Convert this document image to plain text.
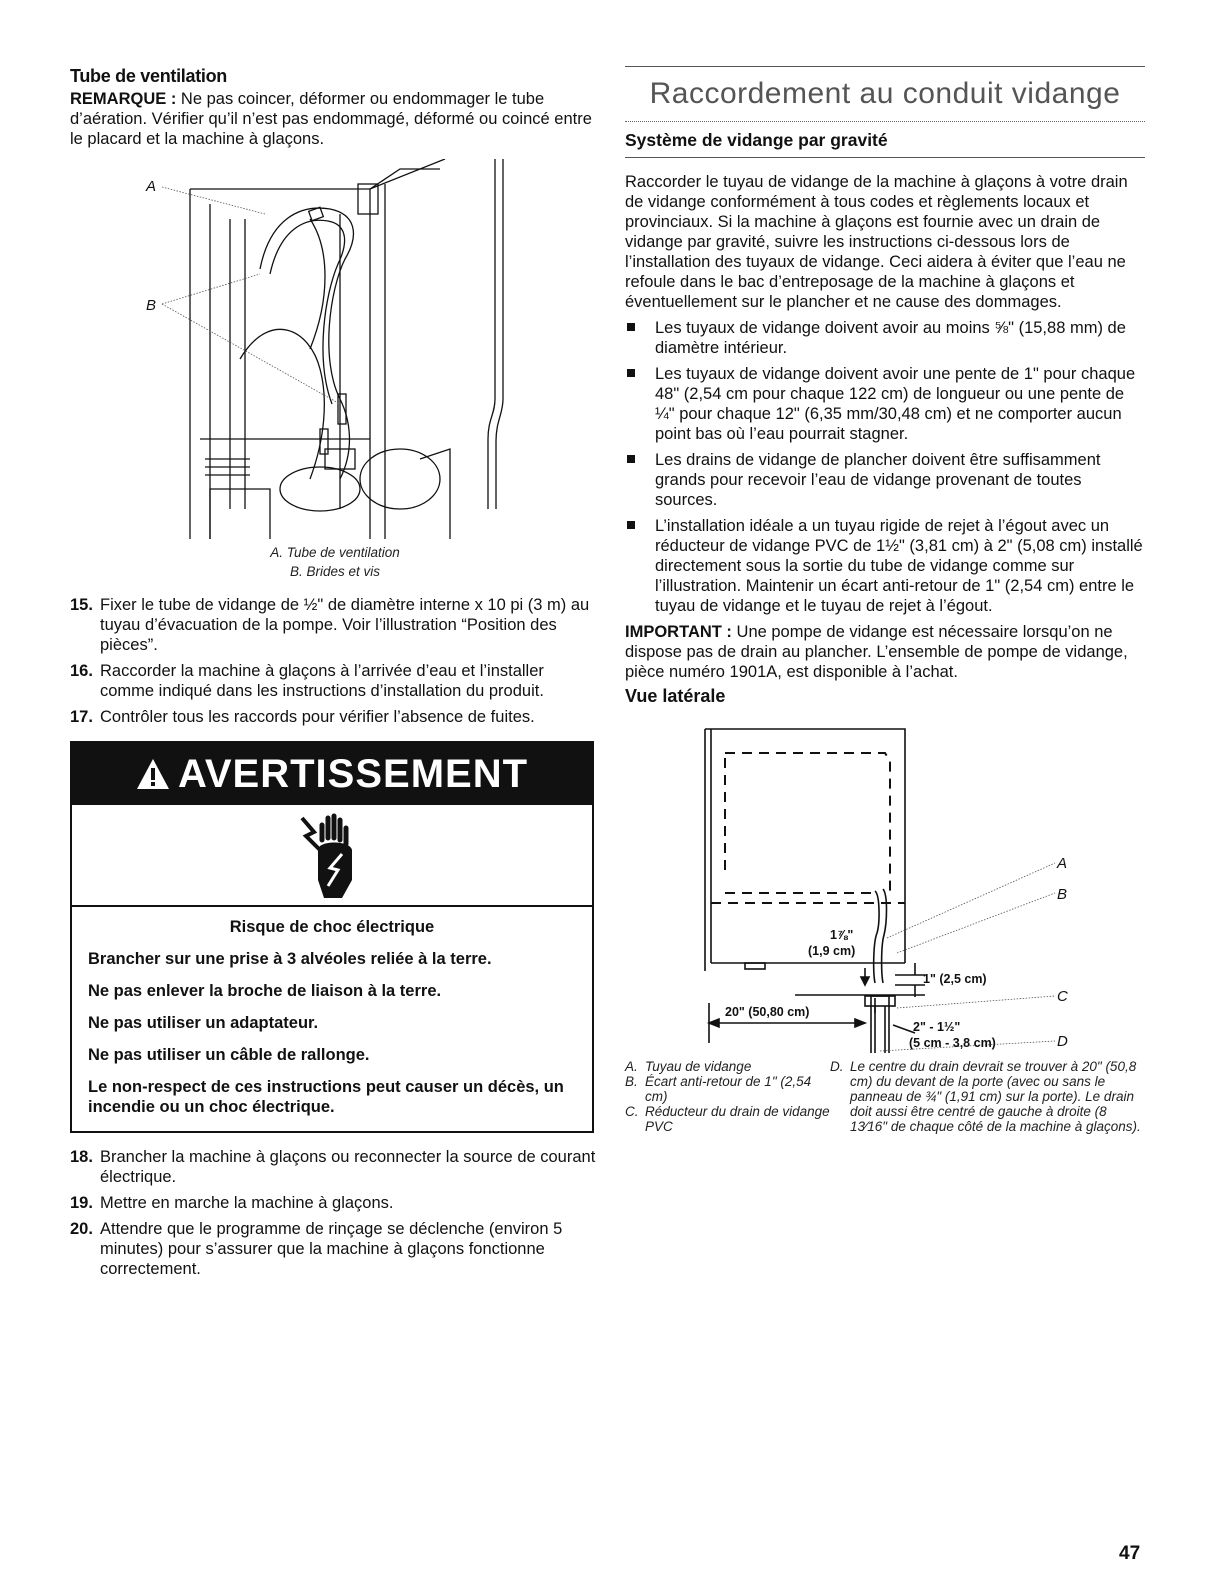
Tube de ventilation

REMARQUE : Ne pas coincer, déformer ou endommager le tube d’aération. Vérifier qu’il n’est pas endommagé, déformé ou coincé entre le placard et la machine à glaçons.

A
B
A. Tube de ventilation
B. Brides et vis
15. Fixer le tube de vidange de ½" de diamètre interne x 10 pi (3 m) au tuyau d’évacuation de la pompe. Voir l’illustration “Position des pièces”.
16. Raccorder la machine à glaçons à l’arrivée d’eau et l’installer comme indiqué dans les instructions d’installation du produit.
17. Contrôler tous les raccords pour vérifier l’absence de fuites.
AVERTISSEMENT
Risque de choc électrique
Brancher sur une prise à 3 alvéoles reliée à la terre.
Ne pas enlever la broche de liaison à la terre.
Ne pas utiliser un adaptateur.
Ne pas utiliser un câble de rallonge.
Le non-respect de ces instructions peut causer un décès, un incendie ou un choc électrique.
18. Brancher la machine à glaçons ou reconnecter la source de courant électrique.
19. Mettre en marche la machine à glaçons.
20. Attendre que le programme de rinçage se déclenche (environ 5 minutes) pour s’assurer que la machine à glaçons fonctionne correctement.
Raccordement au conduit vidange
Système de vidange par gravité

Raccorder le tuyau de vidange de la machine à glaçons à votre drain de vidange conformément à tous codes et règlements locaux et provinciaux. Si la machine à glaçons est fournie avec un drain de vidange par gravité, suivre les instructions ci-dessous lors de l’installation des tuyaux de vidange. Ceci aidera à éviter que l’eau ne refoule dans le bac d’entreposage de la machine à glaçons et éventuellement sur le plancher et ne cause des dommages.

Les tuyaux de vidange doivent avoir au moins ⅝" (15,88 mm) de diamètre intérieur.
Les tuyaux de vidange doivent avoir une pente de 1" pour chaque 48" (2,54 cm pour chaque 122 cm) de longueur ou une pente de ¼" pour chaque 12" (6,35 mm/30,48 cm) et ne comporter aucun point bas où l’eau pourrait stagner.
Les drains de vidange de plancher doivent être suffisamment grands pour recevoir l’eau de vidange provenant de toutes sources.
L’installation idéale a un tuyau rigide de rejet à l’égout avec un réducteur de vidange PVC de 1½" (3,81 cm) à 2" (5,08 cm) installé directement sous la sortie du tube de vidange comme sur l’illustration. Maintenir un écart anti-retour de 1" (2,54 cm) entre le tuyau de vidange et le tuyau de rejet à l’égout.

IMPORTANT : Une pompe de vidange est nécessaire lorsqu’on ne dispose pas de drain au plancher. L’ensemble de pompe de vidange, pièce numéro 1901A, est disponible à l’achat.

Vue latérale
1⅞"
(1,9 cm)
1" (2,5 cm)
20" (50,80 cm)
2" - 1½"
(5 cm - 3,8 cm)
A
B
C
D
A. Tuyau de vidange
B. Écart anti-retour de 1" (2,54 cm)
C. Réducteur du drain de vidange PVC
D. Le centre du drain devrait se trouver à 20" (50,8 cm) du devant de la porte (avec ou sans le panneau de ¾" (1,91 cm) sur la porte). Le drain doit aussi être centré de gauche à droite (8 13⁄16" de chaque côté de la machine à glaçons).
47
